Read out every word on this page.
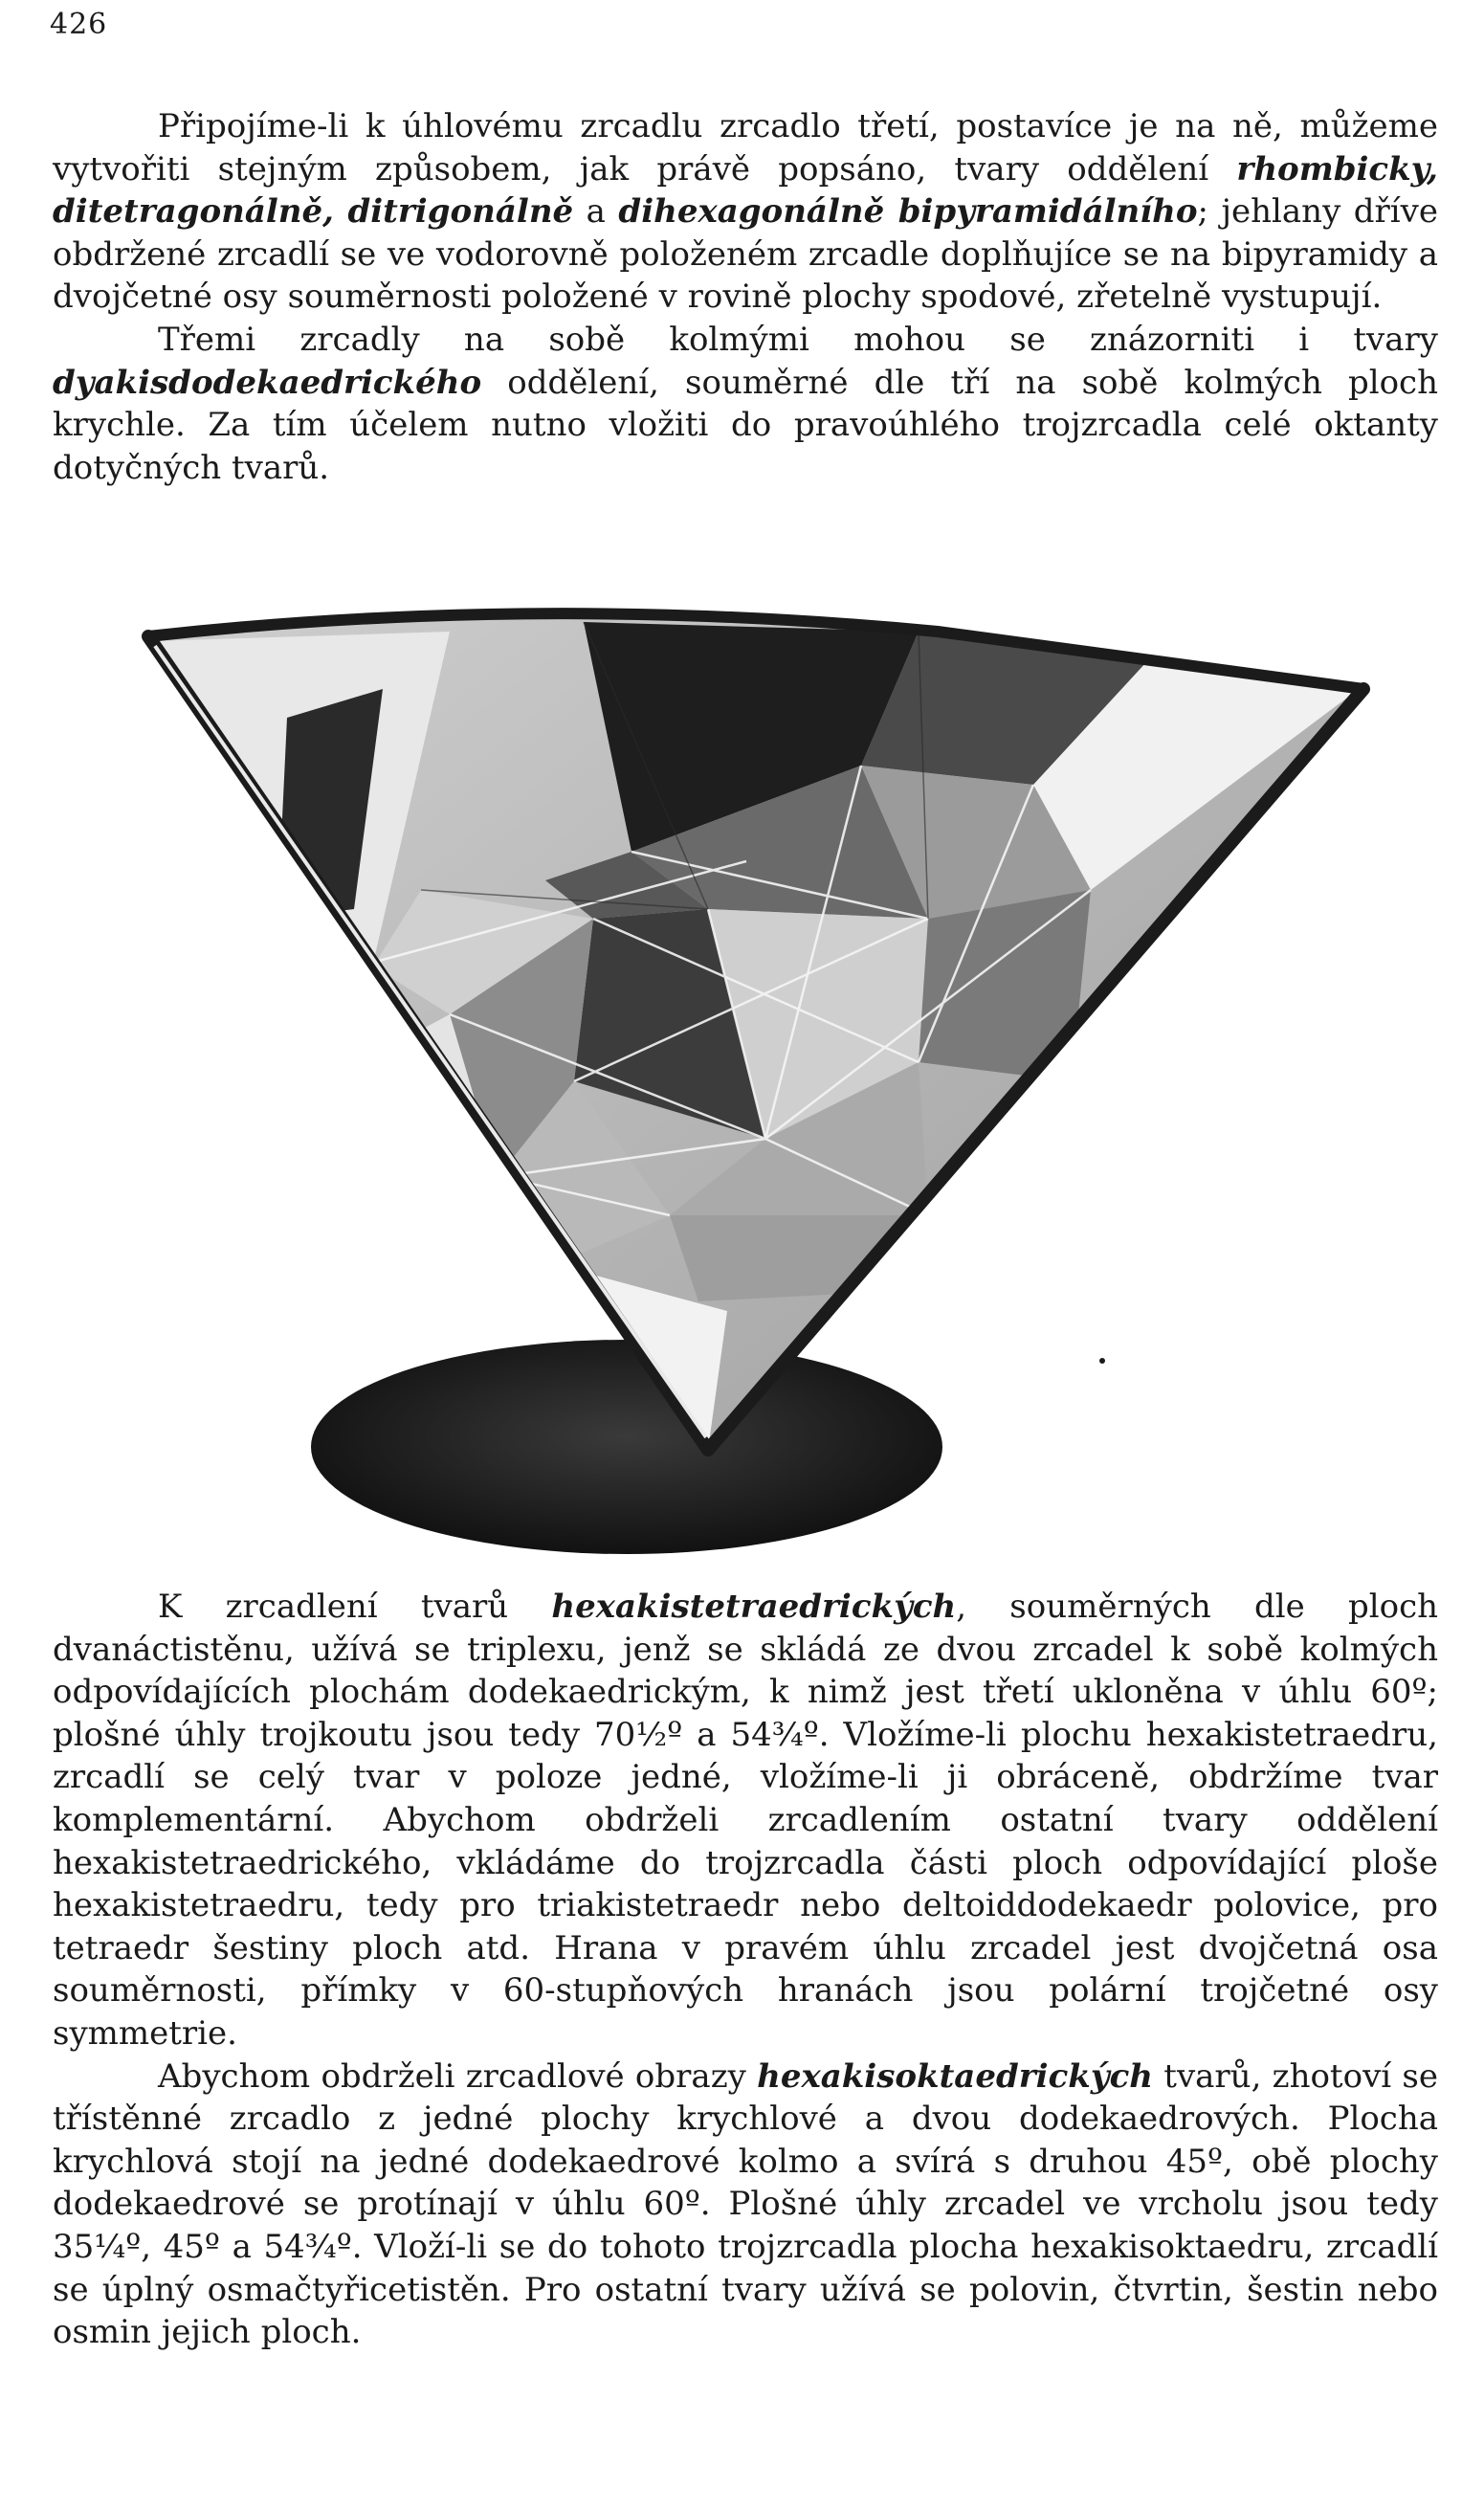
426

Připojíme-li k úhlovému zrcadlu zrcadlo třetí, postavíce je na ně, můžeme vytvořiti stejným způsobem, jak právě popsáno, tvary oddělení rhombicky, ditetragonálně, ditrigonálně a dihexagonálně bipyramidálního; jehlany dříve obdržené zrcadlí se ve vodorovně položeném zrcadle doplňujíce se na bipyramidy a dvojčetné osy souměrnosti položené v rovině plochy spodové, zřetelně vystupují.

Třemi zrcadly na sobě kolmými mohou se znázorniti i tvary dyakisdodekaedrického oddělení, souměrné dle tří na sobě kolmých ploch krychle. Za tím účelem nutno vložiti do pravoúhlého trojzrcadla celé oktanty dotyčných tvarů.

K zrcadlení tvarů hexakistetraedrických, souměrných dle ploch dvanáctistěnu, užívá se triplexu, jenž se skládá ze dvou zrcadel k sobě kolmých odpovídajících plochám dodekaedrickým, k nimž jest třetí ukloněna v úhlu 60º; plošné úhly trojkoutu jsou tedy 70½º a 54¾º. Vložíme-li plochu hexakistetraedru, zrcadlí se celý tvar v poloze jedné, vložíme-li ji obráceně, obdržíme tvar komplementární. Abychom obdrželi zrcadlením ostatní tvary oddělení hexakistetraedrického, vkládáme do trojzrcadla části ploch odpovídající ploše hexakistetraedru, tedy pro triakistetraedr nebo deltoiddodekaedr polovice, pro tetraedr šestiny ploch atd. Hrana v pravém úhlu zrcadel jest dvojčetná osa souměrnosti, přímky v 60-stupňových hranách jsou polární trojčetné osy symmetrie.

Abychom obdrželi zrcadlové obrazy hexakisoktaedrických tvarů, zhotoví se třístěnné zrcadlo z jedné plochy krychlové a dvou dodekaedrových. Plocha krychlová stojí na jedné dodekaedrové kolmo a svírá s druhou 45º, obě plochy dodekaedrové se protínají v úhlu 60º. Plošné úhly zrcadel ve vrcholu jsou tedy 35¼º, 45º a 54¾º. Vloží-li se do tohoto trojzrcadla plocha hexakisoktaedru, zrcadlí se úplný osmačtyřicetistěn. Pro ostatní tvary užívá se polovin, čtvrtin, šestin nebo osmin jejich ploch.
